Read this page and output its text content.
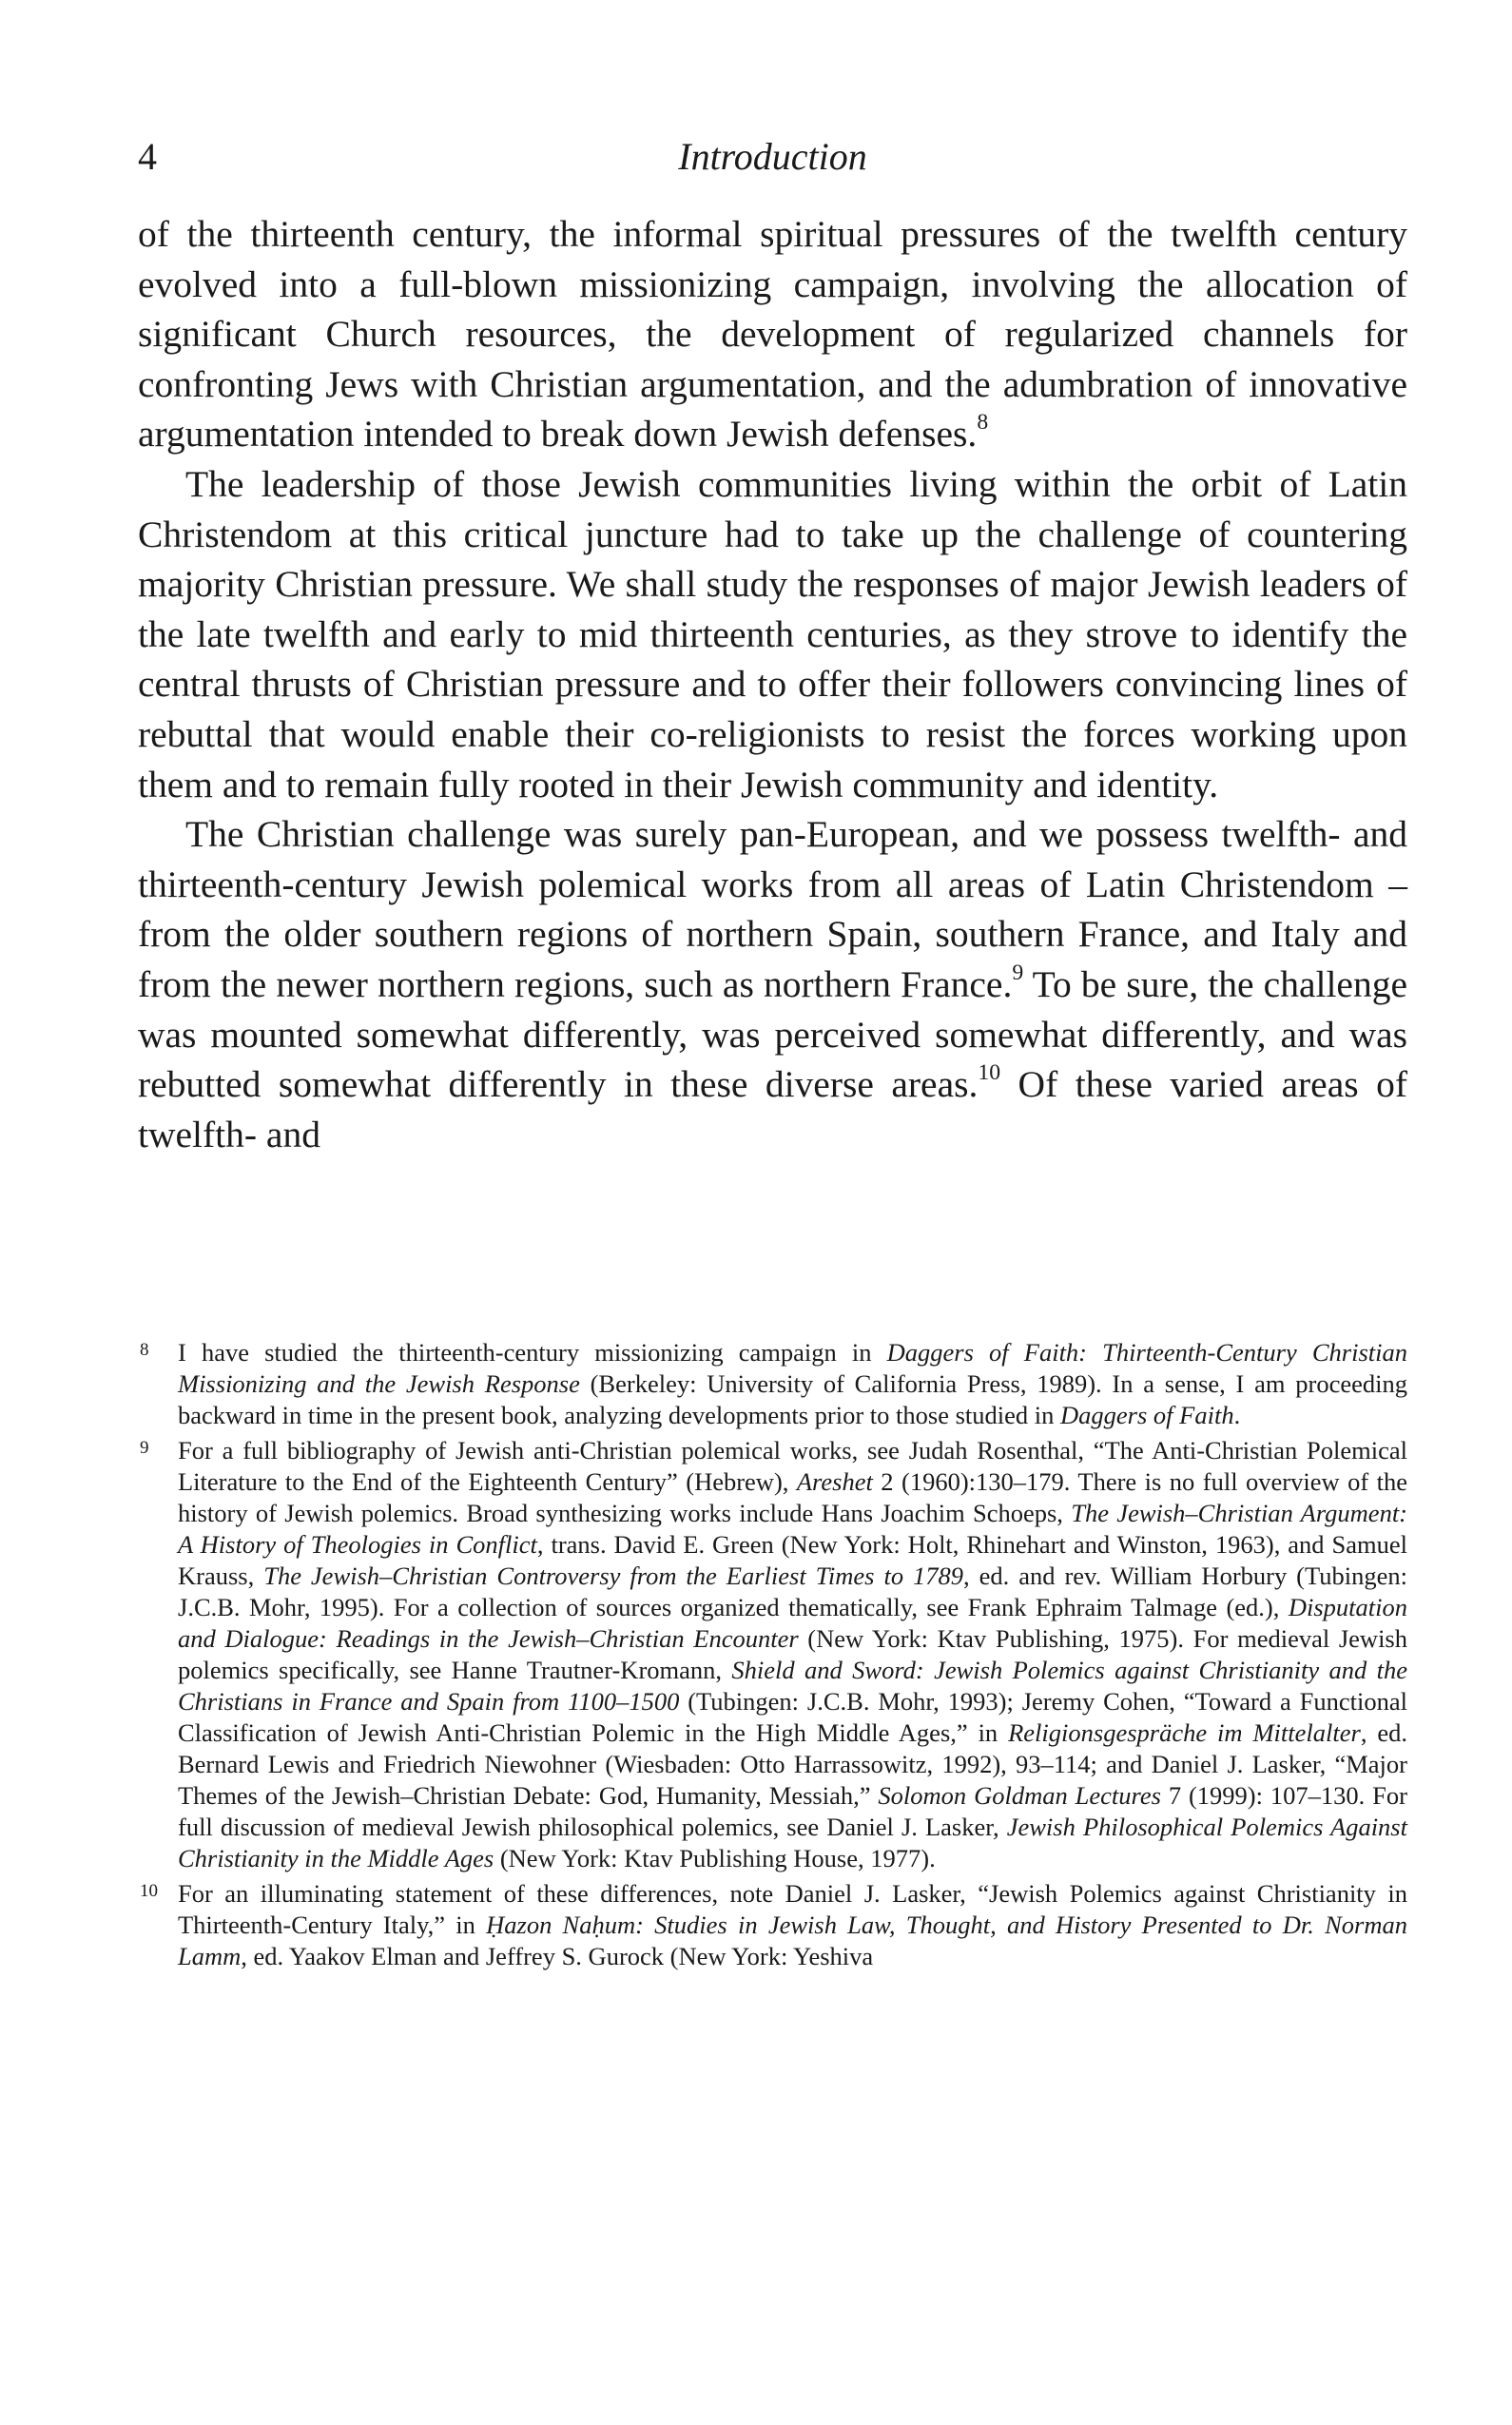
4	Introduction

of the thirteenth century, the informal spiritual pressures of the twelfth century evolved into a full-blown missionizing campaign, involving the allocation of significant Church resources, the development of regularized channels for confronting Jews with Christian argumentation, and the adumbration of innovative argumentation intended to break down Jewish defenses.$^8$

The leadership of those Jewish communities living within the orbit of Latin Christendom at this critical juncture had to take up the challenge of countering majority Christian pressure. We shall study the responses of major Jewish leaders of the late twelfth and early to mid thirteenth centuries, as they strove to identify the central thrusts of Christian pressure and to offer their followers convincing lines of rebuttal that would enable their co-religionists to resist the forces working upon them and to remain fully rooted in their Jewish community and identity.

The Christian challenge was surely pan-European, and we possess twelfth- and thirteenth-century Jewish polemical works from all areas of Latin Christendom – from the older southern regions of northern Spain, southern France, and Italy and from the newer northern regions, such as northern France.$^9$ To be sure, the challenge was mounted somewhat differently, was perceived somewhat differently, and was rebutted somewhat differently in these diverse areas.$^{10}$ Of these varied areas of twelfth- and

8	I have studied the thirteenth-century missionizing campaign in Daggers of Faith: Thirteenth-Century Christian Missionizing and the Jewish Response (Berkeley: University of California Press, 1989). In a sense, I am proceeding backward in time in the present book, analyzing developments prior to those studied in Daggers of Faith.
9	For a full bibliography of Jewish anti-Christian polemical works, see Judah Rosenthal, “The Anti-Christian Polemical Literature to the End of the Eighteenth Century” (Hebrew), Areshet 2 (1960):130–179. There is no full overview of the history of Jewish polemics. Broad synthesizing works include Hans Joachim Schoeps, The Jewish–Christian Argument: A History of Theologies in Conflict, trans. David E. Green (New York: Holt, Rhinehart and Winston, 1963), and Samuel Krauss, The Jewish–Christian Controversy from the Earliest Times to 1789, ed. and rev. William Horbury (Tubingen: J.C.B. Mohr, 1995). For a collection of sources organized thematically, see Frank Ephraim Talmage (ed.), Disputation and Dialogue: Readings in the Jewish–Christian Encounter (New York: Ktav Publishing, 1975). For medieval Jewish polemics specifically, see Hanne Trautner-Kromann, Shield and Sword: Jewish Polemics against Christianity and the Christians in France and Spain from 1100–1500 (Tubingen: J.C.B. Mohr, 1993); Jeremy Cohen, “Toward a Functional Classification of Jewish Anti-Christian Polemic in the High Middle Ages,” in Religionsgespräche im Mittelalter, ed. Bernard Lewis and Friedrich Niewohner (Wiesbaden: Otto Harrassowitz, 1992), 93–114; and Daniel J. Lasker, “Major Themes of the Jewish–Christian Debate: God, Humanity, Messiah,” Solomon Goldman Lectures 7 (1999): 107–130. For full discussion of medieval Jewish philosophical polemics, see Daniel J. Lasker, Jewish Philosophical Polemics Against Christianity in the Middle Ages (New York: Ktav Publishing House, 1977).
10 For an illuminating statement of these differences, note Daniel J. Lasker, “Jewish Polemics against Christianity in Thirteenth-Century Italy,” in Ḥazon Naḥum: Studies in Jewish Law, Thought, and History Presented to Dr. Norman Lamm, ed. Yaakov Elman and Jeffrey S. Gurock (New York: Yeshiva
